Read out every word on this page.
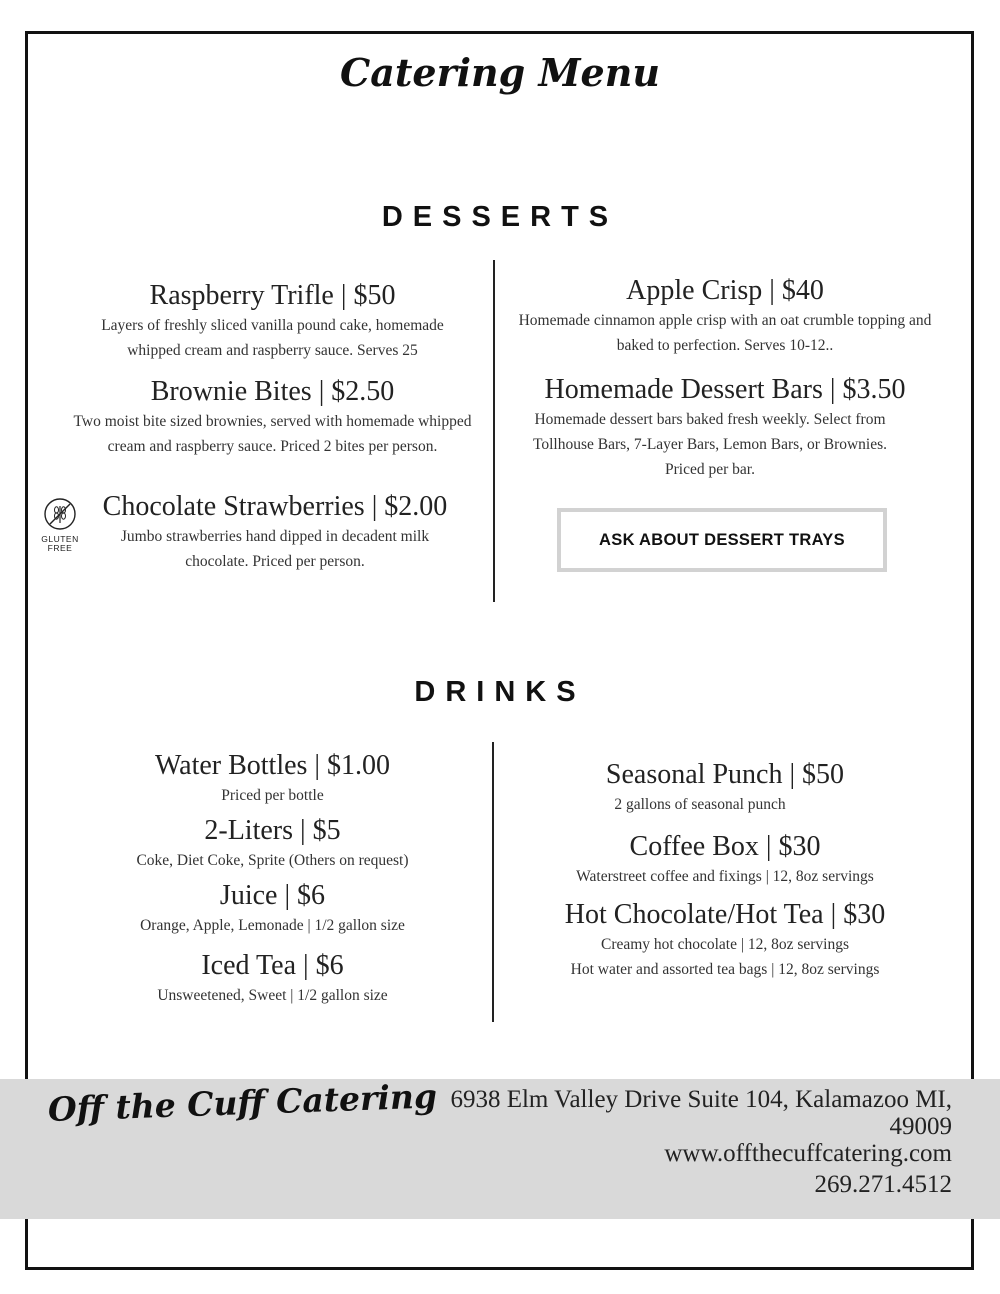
Catering Menu
DESSERTS
Raspberry Trifle | $50
Layers of freshly sliced vanilla pound cake, homemade whipped cream and raspberry sauce. Serves 25
Brownie Bites | $2.50
Two moist bite sized brownies, served with homemade whipped cream and raspberry sauce. Priced 2 bites per person.
GLUTEN
FREE
Chocolate Strawberries | $2.00
Jumbo strawberries hand dipped in decadent milk chocolate. Priced per person.
Apple Crisp | $40
Homemade cinnamon apple crisp with an oat crumble topping and baked to perfection. Serves 10-12..
Homemade Dessert Bars | $3.50
Homemade dessert bars baked fresh weekly. Select from Tollhouse Bars, 7-Layer Bars, Lemon Bars, or Brownies. Priced per bar.
ASK ABOUT DESSERT TRAYS
DRINKS
Water Bottles | $1.00
Priced per bottle
2-Liters | $5
Coke, Diet Coke, Sprite (Others on request)
Juice | $6
Orange, Apple, Lemonade | 1/2 gallon size
Iced Tea | $6
Unsweetened, Sweet | 1/2 gallon size
Seasonal Punch | $50
2 gallons of seasonal punch
Coffee Box | $30
Waterstreet coffee and fixings | 12, 8oz servings
Hot Chocolate/Hot Tea | $30
Creamy hot chocolate | 12, 8oz servings
Hot water and assorted tea bags | 12, 8oz servings
Off the Cuff Catering 6938 Elm Valley Drive Suite 104, Kalamazoo MI,
49009
www.offthecuffcatering.com
269.271.4512
